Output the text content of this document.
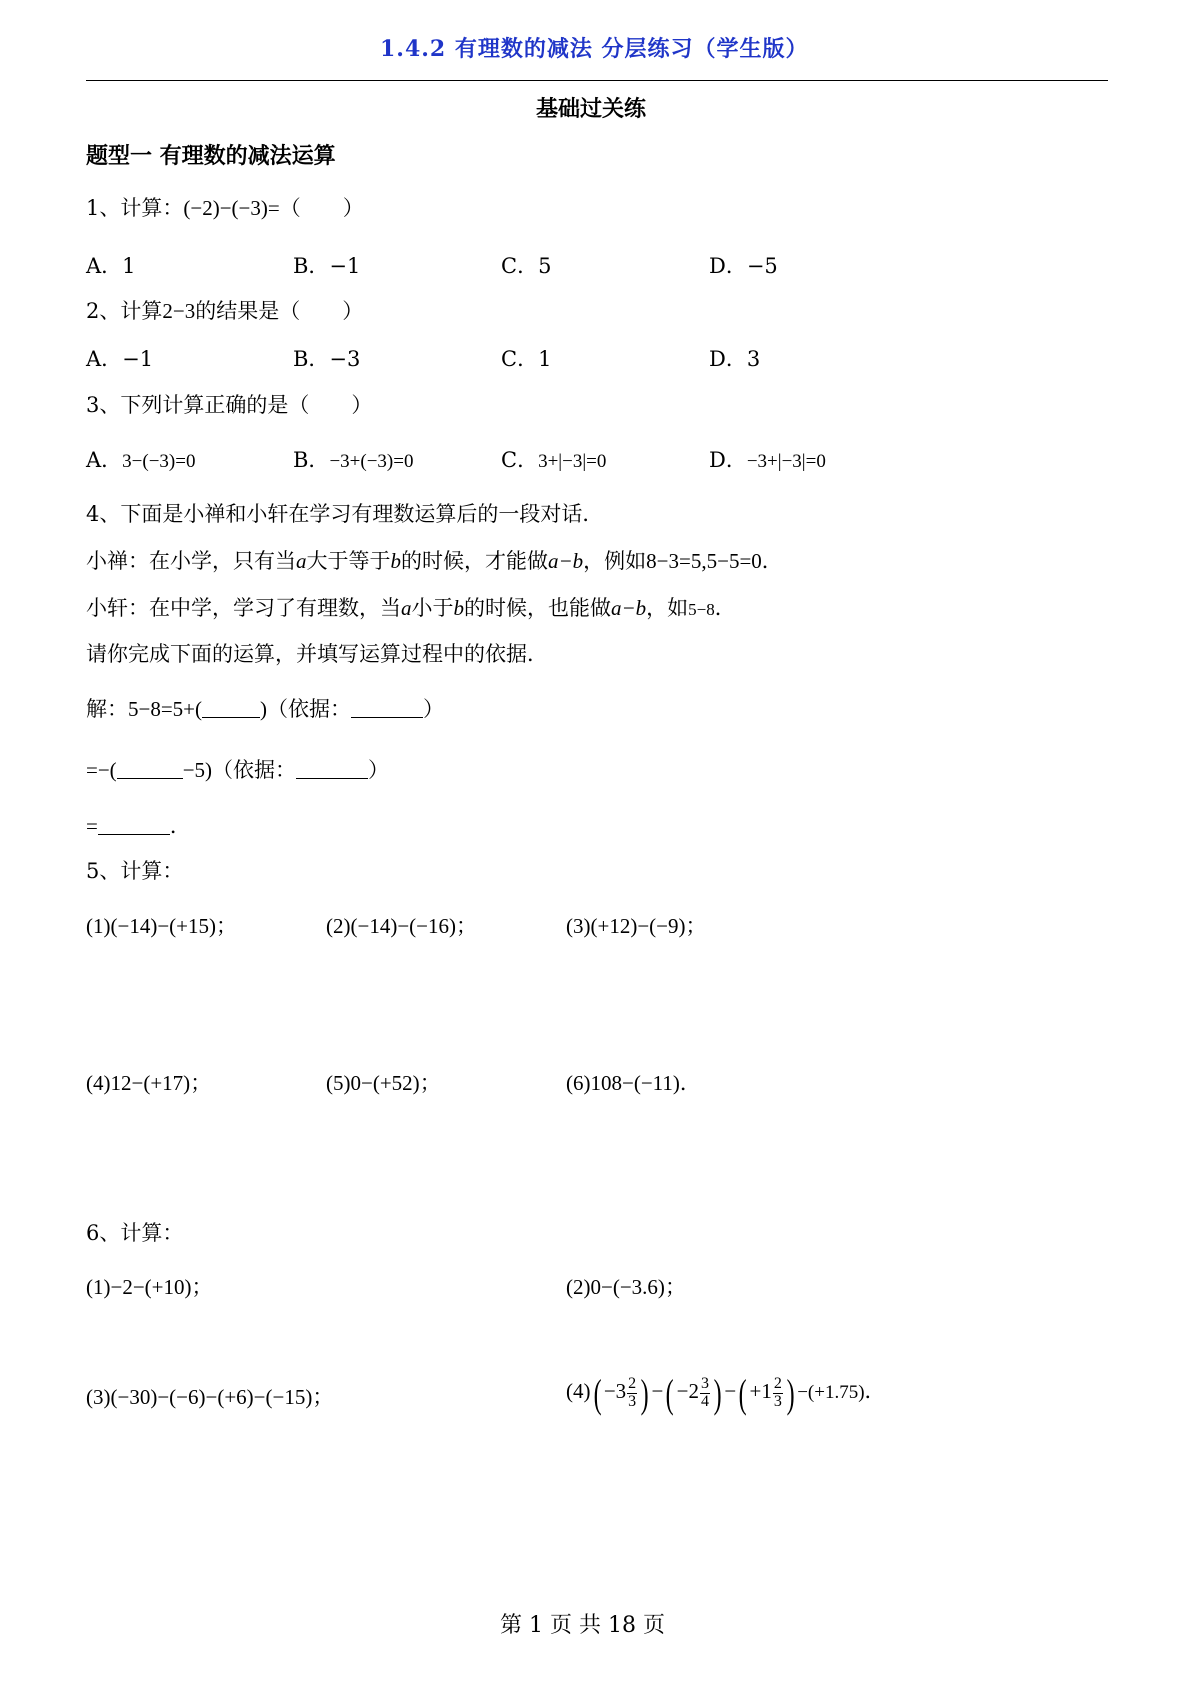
1.4.2 有理数的减法 分层练习（学生版）
基础过关练
题型一 有理数的减法运算
1、计算：(−2)−(−3)=（　　）
A．1	B．−1	C．5	D．−5
2、计算2−3的结果是（　　）
A．−1	B．−3	C．1	D．3
3、下列计算正确的是（　　）
A．3−(−3)=0	B．−3+(−3)=0	C．3+|−3|=0	D．−3+|−3|=0
4、下面是小禅和小轩在学习有理数运算后的一段对话．
小禅：在小学，只有当a大于等于b的时候，才能做a−b，例如8−3=5,5−5=0．
小轩：在中学，学习了有理数，当a小于b的时候，也能做a−b，如5−8．
请你完成下面的运算，并填写运算过程中的依据．
解：5−8=5+(	)（依据：	）
=−(	−5)（依据：	）
=	．
5、计算：
(1)(−14)−(+15)；	(2)(−14)−(−16)；	(3)(+12)−(−9)；
(4)12−(+17)；	(5)0−(+52)；	(6)108−(−11)．
6、计算：
(1)−2−(+10)；	(2)0−(−3.6)；
(3)(−30)−(−6)−(+6)−(−15)；	$(4)( -3 \frac{2}{3}$ ) −( $-2 \frac{3}{4}$ ) −( $+1 \frac{2}{3}$ ) −(+1.75)．
第 1 页 共 18 页
